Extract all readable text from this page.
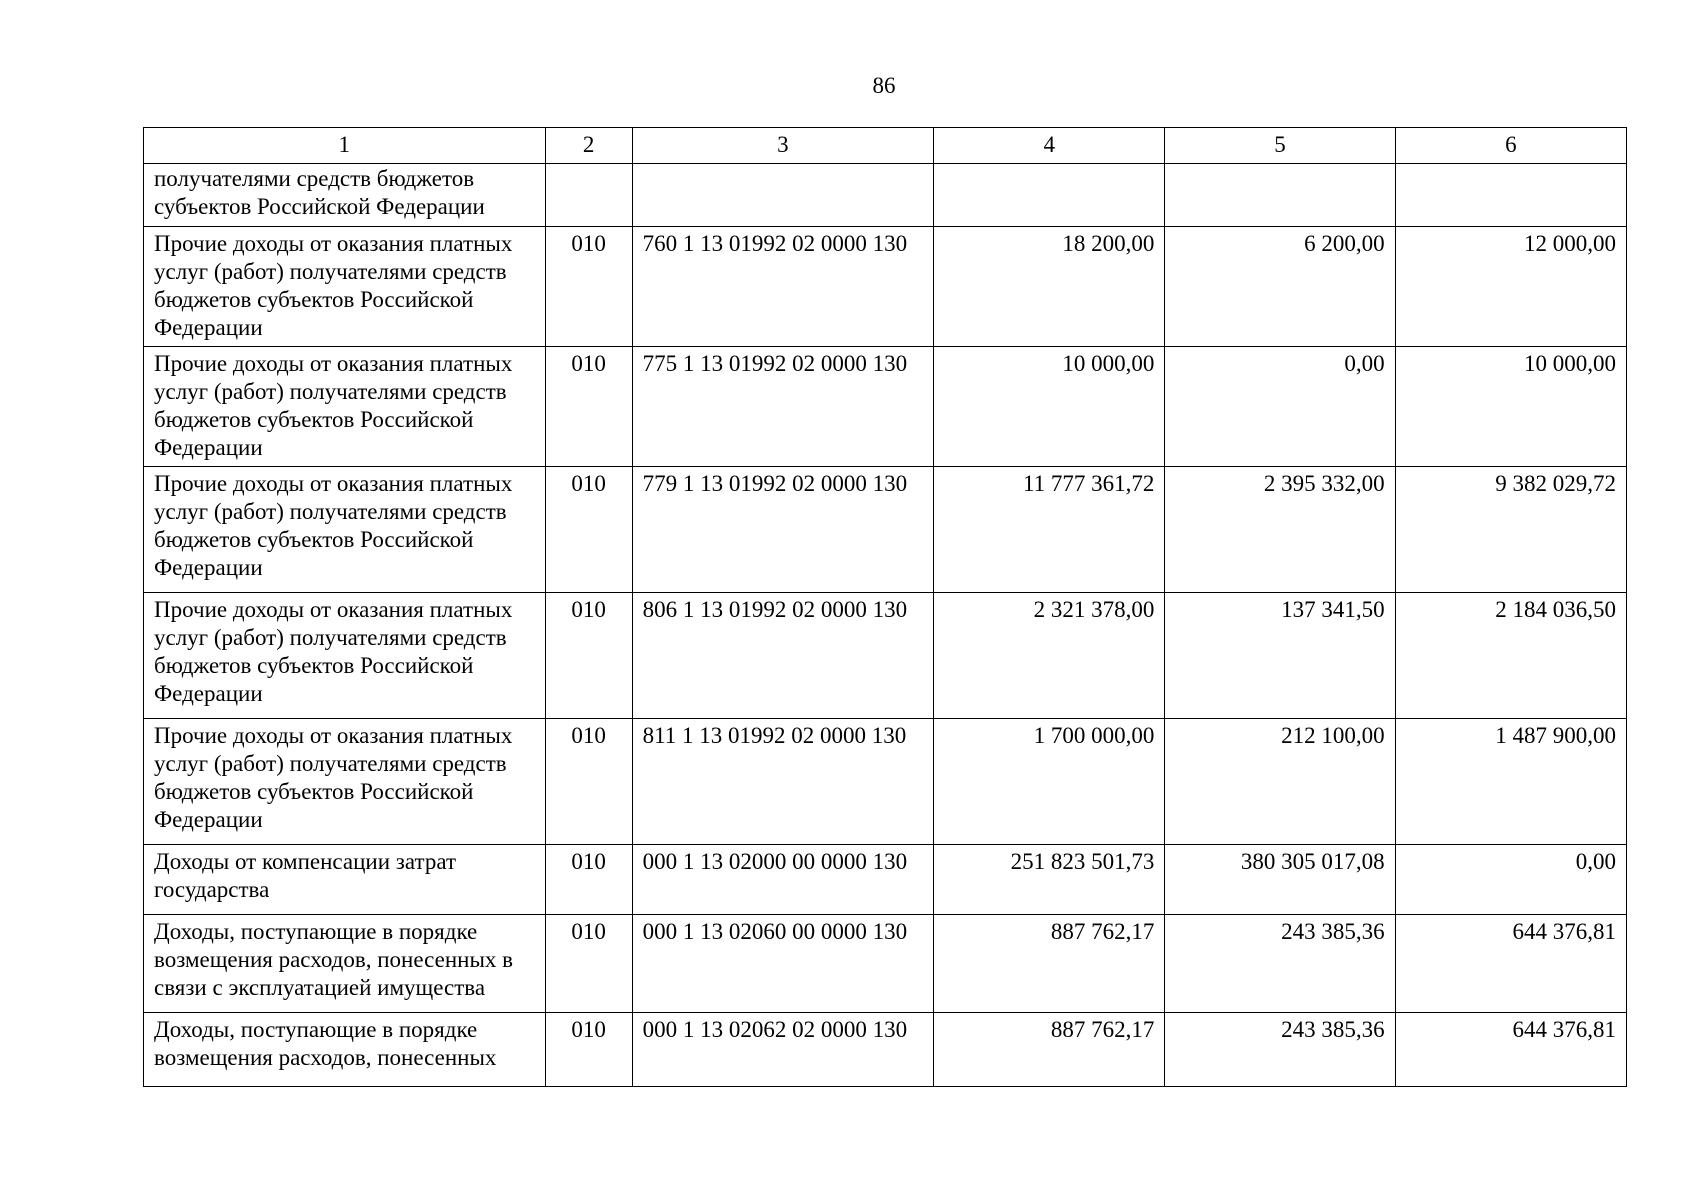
86
1	2	3	4	5	6
получателями средств бюджетов субъектов Российской Федерации					
Прочие доходы от оказания платных услуг (работ) получателями средств бюджетов субъектов Российской Федерации	010	760 1 13 01992 02 0000 130	18 200,00	6 200,00	12 000,00
Прочие доходы от оказания платных услуг (работ) получателями средств бюджетов субъектов Российской Федерации	010	775 1 13 01992 02 0000 130	10 000,00	0,00	10 000,00
Прочие доходы от оказания платных услуг (работ) получателями средств бюджетов субъектов Российской Федерации	010	779 1 13 01992 02 0000 130	11 777 361,72	2 395 332,00	9 382 029,72
Прочие доходы от оказания платных услуг (работ) получателями средств бюджетов субъектов Российской Федерации	010	806 1 13 01992 02 0000 130	2 321 378,00	137 341,50	2 184 036,50
Прочие доходы от оказания платных услуг (работ) получателями средств бюджетов субъектов Российской Федерации	010	811 1 13 01992 02 0000 130	1 700 000,00	212 100,00	1 487 900,00
Доходы от компенсации затрат государства	010	000 1 13 02000 00 0000 130	251 823 501,73	380 305 017,08	0,00
Доходы, поступающие в порядке возмещения расходов, понесенных в связи с эксплуатацией имущества	010	000 1 13 02060 00 0000 130	887 762,17	243 385,36	644 376,81
Доходы, поступающие в порядке возмещения расходов, понесенных	010	000 1 13 02062 02 0000 130	887 762,17	243 385,36	644 376,81
